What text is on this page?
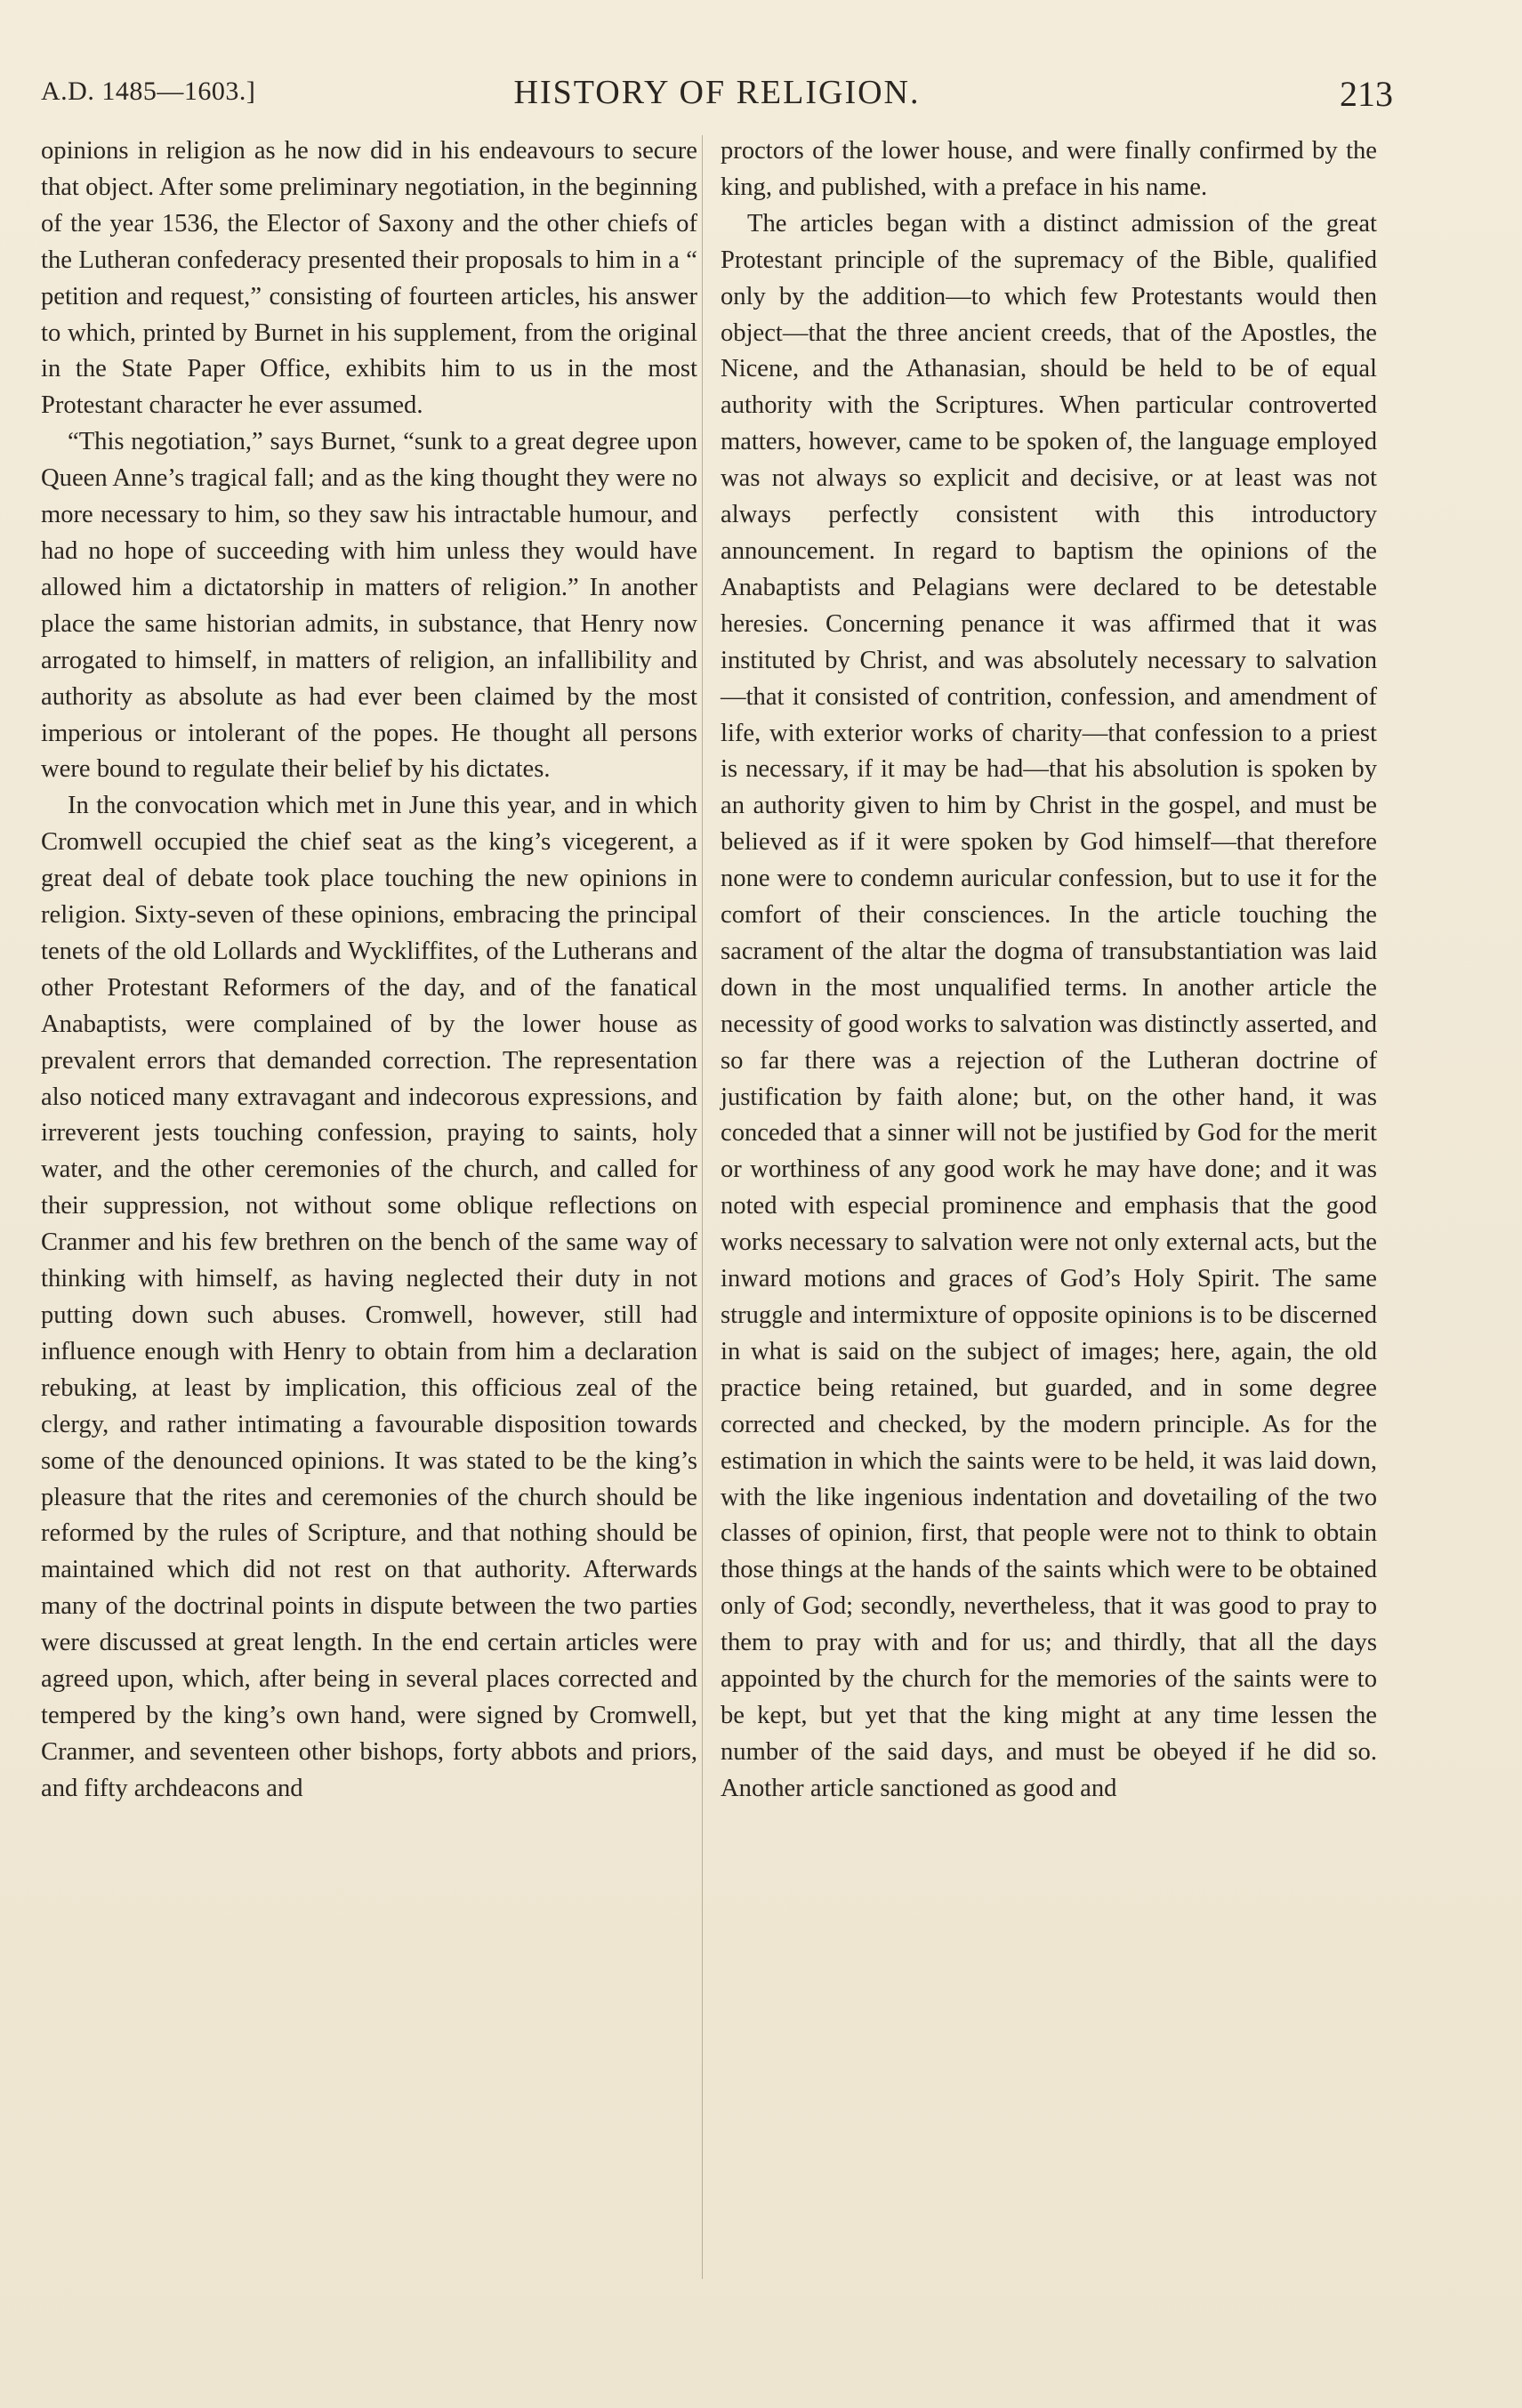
A.D. 1485—1603.]	HISTORY OF RELIGION.	213

opinions in religion as he now did in his endeavours to secure that object. After some preliminary negotiation, in the beginning of the year 1536, the Elector of Saxony and the other chiefs of the Lutheran confederacy presented their proposals to him in a “ petition and request,” consisting of fourteen articles, his answer to which, printed by Burnet in his supplement, from the original in the State Paper Office, exhibits him to us in the most Protestant character he ever assumed.

“This negotiation,” says Burnet, “sunk to a great degree upon Queen Anne’s tragical fall; and as the king thought they were no more necessary to him, so they saw his intractable humour, and had no hope of succeeding with him unless they would have allowed him a dictatorship in matters of religion.” In another place the same historian admits, in substance, that Henry now arrogated to himself, in matters of religion, an infallibility and authority as absolute as had ever been claimed by the most imperious or intolerant of the popes. He thought all persons were bound to regulate their belief by his dictates.

In the convocation which met in June this year, and in which Cromwell occupied the chief seat as the king’s vicegerent, a great deal of debate took place touching the new opinions in religion. Sixty-seven of these opinions, embracing the principal tenets of the old Lollards and Wyckliffites, of the Lutherans and other Protestant Reformers of the day, and of the fanatical Anabaptists, were complained of by the lower house as prevalent errors that demanded correction. The representation also noticed many extravagant and indecorous expressions, and irreverent jests touching confession, praying to saints, holy water, and the other ceremonies of the church, and called for their suppression, not without some oblique reflections on Cranmer and his few brethren on the bench of the same way of thinking with himself, as having neglected their duty in not putting down such abuses. Cromwell, however, still had influence enough with Henry to obtain from him a declaration rebuking, at least by implication, this officious zeal of the clergy, and rather intimating a favourable disposition towards some of the denounced opinions. It was stated to be the king’s pleasure that the rites and ceremonies of the church should be reformed by the rules of Scripture, and that nothing should be maintained which did not rest on that authority. Afterwards many of the doctrinal points in dispute between the two parties were discussed at great length. In the end certain articles were agreed upon, which, after being in several places corrected and tempered by the king’s own hand, were signed by Cromwell, Cranmer, and seventeen other bishops, forty abbots and priors, and fifty archdeacons and

proctors of the lower house, and were finally confirmed by the king, and published, with a preface in his name.

The articles began with a distinct admission of the great Protestant principle of the supremacy of the Bible, qualified only by the addition—to which few Protestants would then object—that the three ancient creeds, that of the Apostles, the Nicene, and the Athanasian, should be held to be of equal authority with the Scriptures. When particular controverted matters, however, came to be spoken of, the language employed was not always so explicit and decisive, or at least was not always perfectly consistent with this introductory announcement. In regard to baptism the opinions of the Anabaptists and Pelagians were declared to be detestable heresies. Concerning penance it was affirmed that it was instituted by Christ, and was absolutely necessary to salvation —that it consisted of contrition, confession, and amendment of life, with exterior works of charity—that confession to a priest is necessary, if it may be had—that his absolution is spoken by an authority given to him by Christ in the gospel, and must be believed as if it were spoken by God himself—that therefore none were to condemn auricular confession, but to use it for the comfort of their consciences. In the article touching the sacrament of the altar the dogma of transubstantiation was laid down in the most unqualified terms. In another article the necessity of good works to salvation was distinctly asserted, and so far there was a rejection of the Lutheran doctrine of justification by faith alone; but, on the other hand, it was conceded that a sinner will not be justified by God for the merit or worthiness of any good work he may have done; and it was noted with especial prominence and emphasis that the good works necessary to salvation were not only external acts, but the inward motions and graces of God’s Holy Spirit. The same struggle and intermixture of opposite opinions is to be discerned in what is said on the subject of images; here, again, the old practice being retained, but guarded, and in some degree corrected and checked, by the modern principle. As for the estimation in which the saints were to be held, it was laid down, with the like ingenious indentation and dovetailing of the two classes of opinion, first, that people were not to think to obtain those things at the hands of the saints which were to be obtained only of God; secondly, nevertheless, that it was good to pray to them to pray with and for us; and thirdly, that all the days appointed by the church for the memories of the saints were to be kept, but yet that the king might at any time lessen the number of the said days, and must be obeyed if he did so. Another article sanctioned as good and
